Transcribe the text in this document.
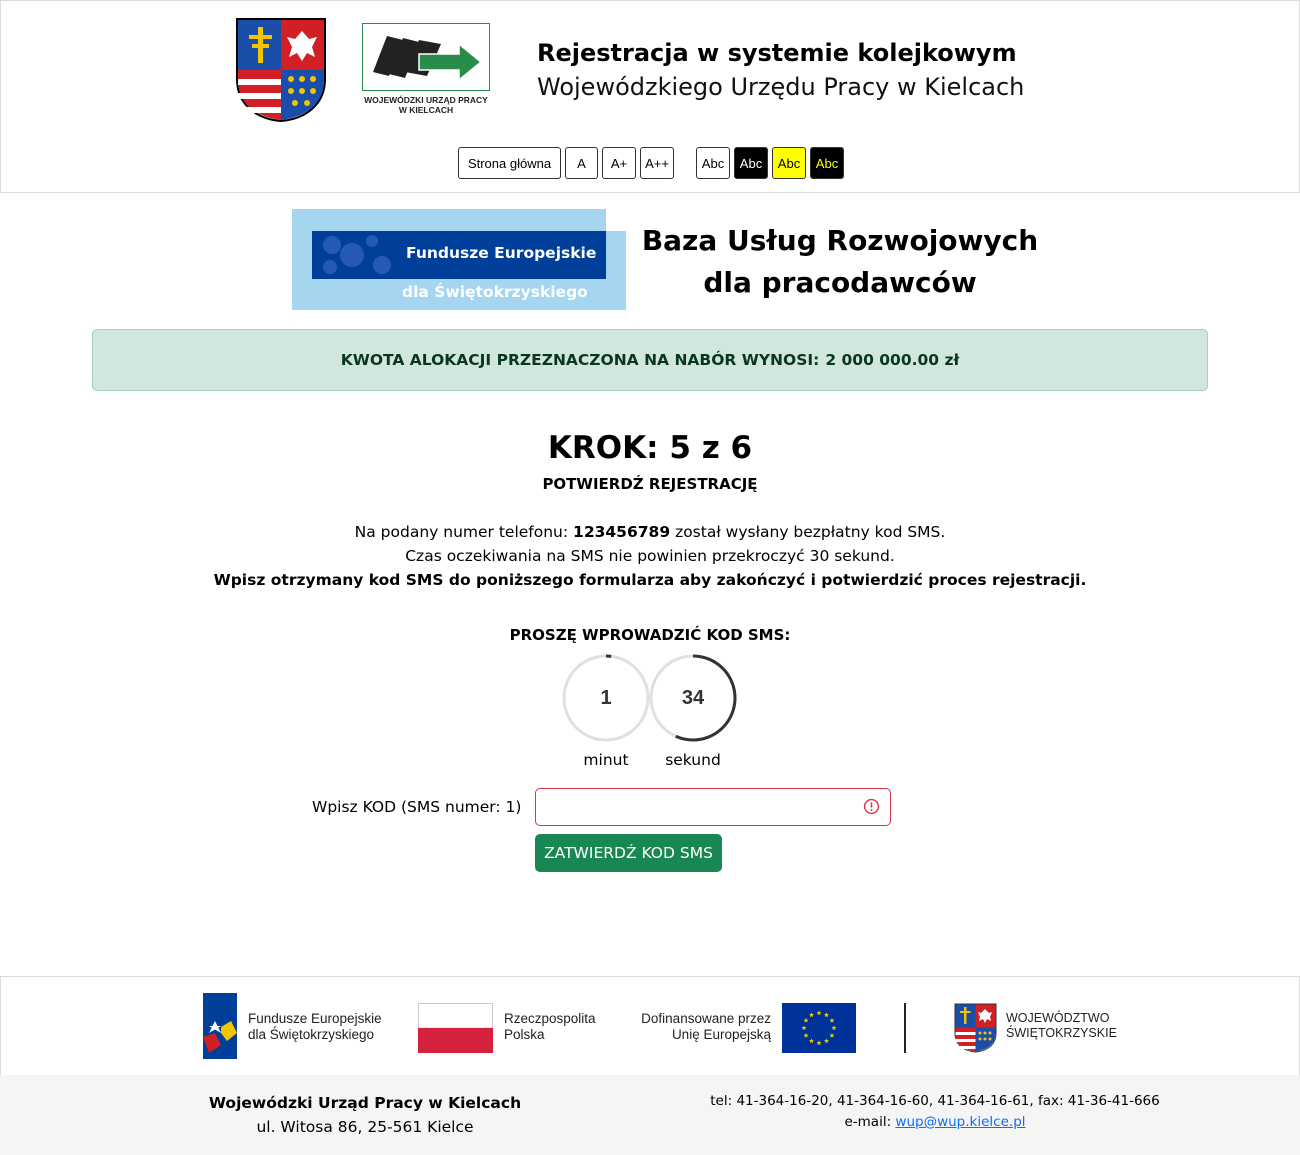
WOJEWÓDZKI URZĄD PRACY
W KIELCACH
Rejestracja w systemie kolejkowym
Wojewódzkiego Urzędu Pracy w Kielcach
Strona główna	A	A+	A++	Abc	Abc	Abc	Abc
Fundusze Europejskie
dla Świętokrzyskiego
Baza Usług Rozwojowych
dla pracodawców
KWOTA ALOKACJI PRZEZNACZONA NA NABÓR WYNOSI: 2 000 000.00 zł
KROK: 5 z 6
POTWIERDŹ REJESTRACJĘ
Na podany numer telefonu: 123456789 został wysłany bezpłatny kod SMS.
Czas oczekiwania na SMS nie powinien przekroczyć 30 sekund.
Wpisz otrzymany kod SMS do poniższego formularza aby zakończyć i potwierdzić proces rejestracji.
PROSZĘ WPROWADZIĆ KOD SMS:
1
minut
34
sekund
Wpisz KOD (SMS numer: 1)
ZATWIERDŹ KOD SMS
Fundusze Europejskie
dla Świętokrzyskiego
Rzeczpospolita
Polska
Dofinansowane przez
Unię Europejską
WOJEWÓDZTWO
ŚWIĘTOKRZYSKIE
Wojewódzki Urząd Pracy w Kielcach
ul. Witosa 86, 25-561 Kielce
tel: 41-364-16-20, 41-364-16-60, 41-364-16-61, fax: 41-36-41-666
e-mail: wup@wup.kielce.pl
